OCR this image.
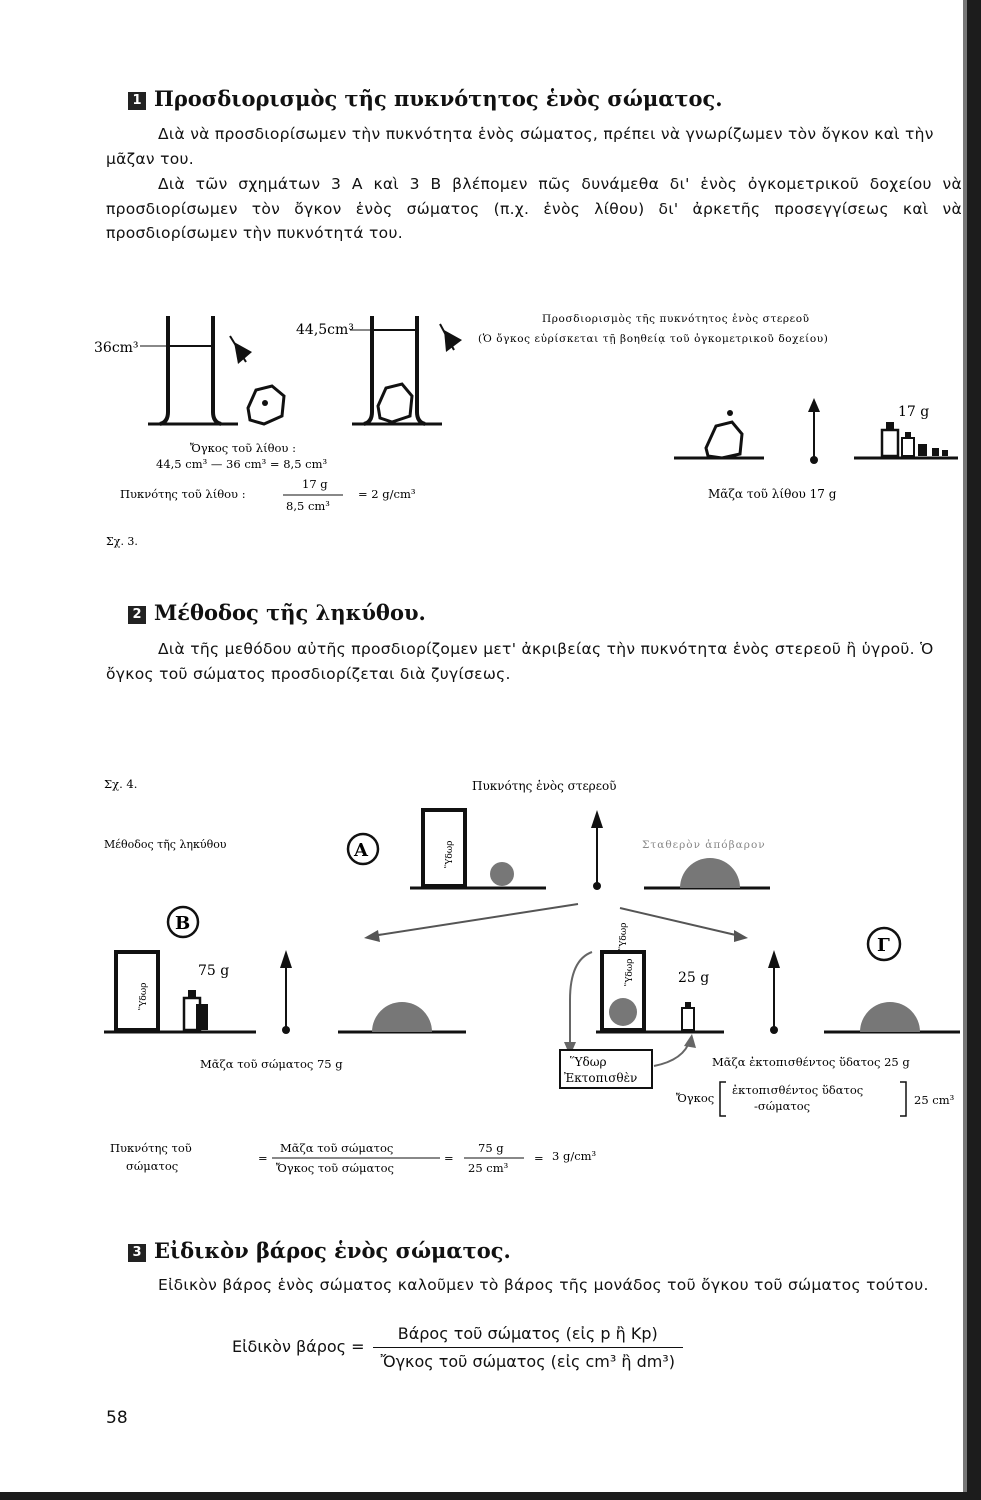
1 Προσδιορισμὸς τῆς πυκνότητος ἑνὸς σώματος.
Διὰ νὰ προσδιορίσωμεν τὴν πυκνότητα ἑνὸς σώματος, πρέπει νὰ γνωρίζωμεν τὸν ὄγκον καὶ τὴν μᾶζαν του.
Διὰ τῶν σχημάτων 3 Α καὶ 3 Β βλέπομεν πῶς δυνάμεθα δι' ἑνὸς ὀγκομετρικοῦ δοχείου νὰ προσδιορίσωμεν τὸν ὄγκον ἑνὸς σώματος (π.χ. ἑνὸς λίθου) δι' ἀρκετῆς προσεγγίσεως καὶ νὰ προσδιορίσωμεν τὴν πυκνότητά του.
36cm³
44,5cm³
Προσδιορισμὸς τῆς πυκνότητος ἑνὸς στερεοῦ
(Ὁ ὄγκος εὑρίσκεται τῇ βοηθείᾳ τοῦ ὀγκομετρικοῦ δοχείου)
17 g
Ὄγκος τοῦ λίθου :
44,5 cm³ — 36 cm³ = 8,5 cm³
Πυκνότης τοῦ λίθου :
17 g
8,5 cm³
= 2 g/cm³	Μᾶζα τοῦ λίθου 17 g
Σχ. 3.
2 Μέθοδος τῆς ληκύθου.
Διὰ τῆς μεθόδου αὐτῆς προσδιορίζομεν μετ' ἀκριβείας τὴν πυκνότητα ἑνὸς στερεοῦ ἢ ὑγροῦ. Ὁ ὄγκος τοῦ σώματος προσδιορίζεται διὰ ζυγίσεως.
Σχ. 4.	Πυκνότης ἑνὸς στερεοῦ
Μέθοδος τῆς ληκύθου	Α	Ὕδωρ	Σταθερὸν ἀπόβαρον
Β
Ὕδωρ
75 g
Μᾶζα τοῦ σώματος 75 g
Γ
Ὕδωρ
Ὕδωρ
25 g
Ὕδωρ
Ἐκτοπισθὲν
Μᾶζα ἐκτοπισθέντος ὕδατος 25 g
Ὄγκος
ἐκτοπισθέντος ὕδατος
-σώματος	25 cm³
Πυκνότης τοῦ
σώματος
Μᾶζα τοῦ σώματος
Ὄγκος τοῦ σώματος
=	=
75 g
25 cm³
= 3 g/cm³
3 Εἰδικὸν βάρος ἑνὸς σώματος.
Εἰδικὸν βάρος ἑνὸς σώματος καλοῦμεν τὸ βάρος τῆς μονάδος τοῦ ὄγκου τοῦ σώματος τούτου.
Εἰδικὸν $\beta ά\rho o\varsigma = \frac{\text{Βάρος τοῦ σώματος (εἰς p ἢ Kp)}}{\text{Ὄγκος τοῦ σώματος (εἰς cm³ ἢ dm³)}}$
58
